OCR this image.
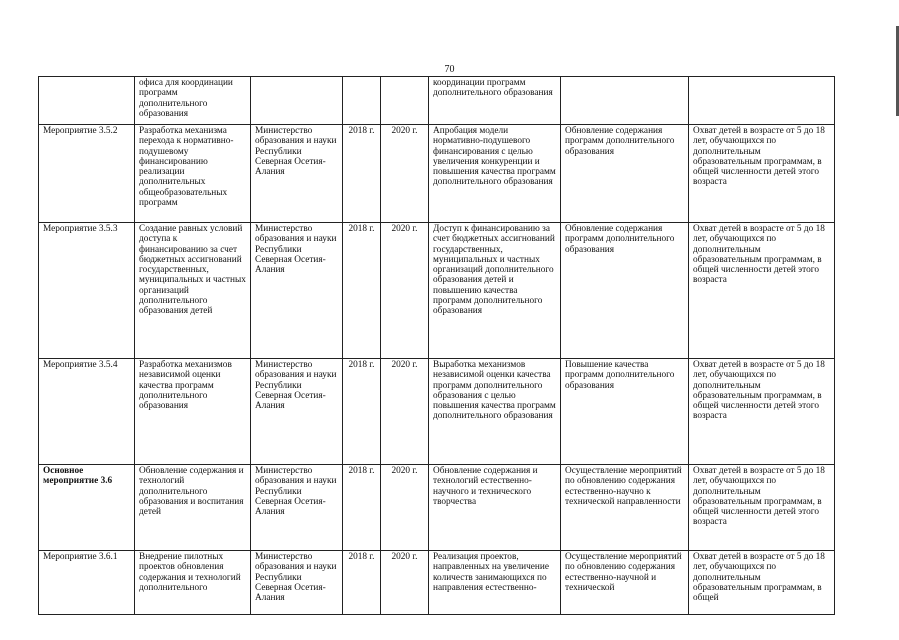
70
	офиса для координации программ дополнительного образования				координации программ дополнительного образования		
Мероприятие 3.5.2	Разработка механизма перехода к нормативно-подушевому финансированию реализации дополнительных общеобразовательных программ	Министерство образования и науки Республики Северная Осетия-Алания	2018 г.	2020 г.	Апробация модели нормативно-подушевого финансирования с целью увеличения конкуренции и повышения качества программ дополнительного образования	Обновление содержания программ дополнительного образования	Охват детей в возрасте от 5 до 18 лет, обучающихся по дополнительным образовательным программам, в общей численности детей этого возраста
Мероприятие 3.5.3	Создание равных условий доступа к финансированию за счет бюджетных ассигнований государственных, муниципальных и частных организаций дополнительного образования детей	Министерство образования и науки Республики Северная Осетия-Алания	2018 г.	2020 г.	Доступ к финансированию за счет бюджетных ассигнований государственных, муниципальных и частных организаций дополнительного образования детей и повышению качества программ дополнительного образования	Обновление содержания программ дополнительного образования	Охват детей в возрасте от 5 до 18 лет, обучающихся по дополнительным образовательным программам, в общей численности детей этого возраста
Мероприятие 3.5.4	Разработка механизмов независимой оценки качества программ дополнительного образования	Министерство образования и науки Республики Северная Осетия-Алания	2018 г.	2020 г.	Выработка механизмов независимой оценки качества программ дополнительного образования с целью повышения качества программ дополнительного образования	Повышение качества программ дополнительного образования	Охват детей в возрасте от 5 до 18 лет, обучающихся по дополнительным образовательным программам, в общей численности детей этого возраста
Основное мероприятие 3.6	Обновление содержания и технологий дополнительного образования и воспитания детей	Министерство образования и науки Республики Северная Осетия-Алания	2018 г.	2020 г.	Обновление содержания и технологий естественно-научного и технического творчества	Осуществление мероприятий по обновлению содержания естественно-научно к технической направленности	Охват детей в возрасте от 5 до 18 лет, обучающихся по дополнительным образовательным программам, в общей численности детей этого возраста
Мероприятие 3.6.1	Внедрение пилотных проектов обновления содержания и технологий дополнительного	Министерство образования и науки Республики Северная Осетия-Алания	2018 г.	2020 г.	Реализация проектов, направленных на увеличение количеств занимающихся по направления естественно-	Осуществление мероприятий по обновлению содержания естественно-научной и технической	Охват детей в возрасте от 5 до 18 лет, обучающихся по дополнительным образовательным программам, в общей
